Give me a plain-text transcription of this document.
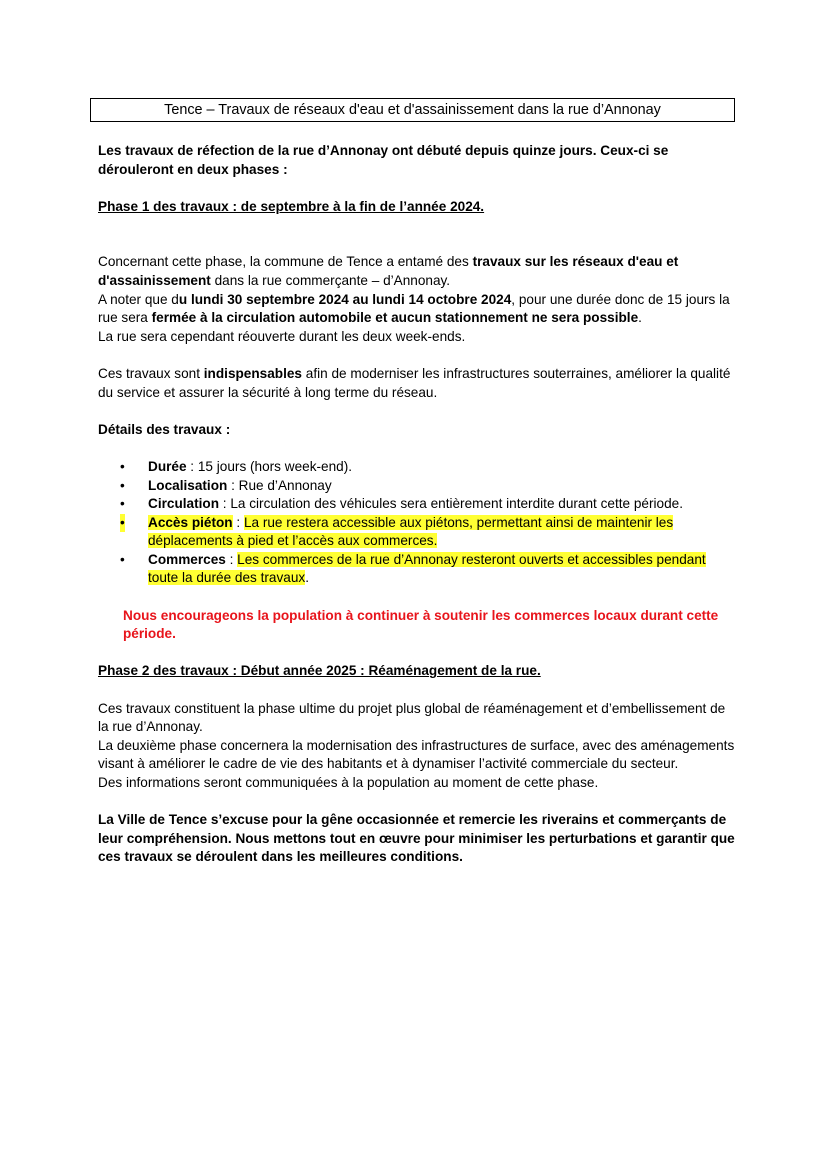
Tence – Travaux de réseaux d'eau et d'assainissement dans la rue d’Annonay

Les travaux de réfection de la rue d’Annonay ont débuté depuis quinze jours. Ceux-ci se dérouleront en deux phases :

Phase 1 des travaux : de septembre à la fin de l’année 2024.

Concernant cette phase, la commune de Tence a entamé des travaux sur les réseaux d'eau et d'assainissement dans la rue commerçante – d’Annonay.

A noter que du lundi 30 septembre 2024 au lundi 14 octobre 2024, pour une durée donc de 15 jours la rue sera fermée à la circulation automobile et aucun stationnement ne sera possible.

La rue sera cependant réouverte durant les deux week-ends.

Ces travaux sont indispensables afin de moderniser les infrastructures souterraines, améliorer la qualité du service et assurer la sécurité à long terme du réseau.

Détails des travaux :

• Durée : 15 jours (hors week-end).
• Localisation : Rue d’Annonay
• Circulation : La circulation des véhicules sera entièrement interdite durant cette période.
• Accès piéton : La rue restera accessible aux piétons, permettant ainsi de maintenir les déplacements à pied et l’accès aux commerces.
• Commerces : Les commerces de la rue d’Annonay resteront ouverts et accessibles pendant toute la durée des travaux.

Nous encourageons la population à continuer à soutenir les commerces locaux durant cette période.

Phase 2 des travaux : Début année 2025 : Réaménagement de la rue.

Ces travaux constituent la phase ultime du projet plus global de réaménagement et d’embellissement de la rue d’Annonay.

La deuxième phase concernera la modernisation des infrastructures de surface, avec des aménagements visant à améliorer le cadre de vie des habitants et à dynamiser l’activité commerciale du secteur.

Des informations seront communiquées à la population au moment de cette phase.

La Ville de Tence s’excuse pour la gêne occasionnée et remercie les riverains et commerçants de leur compréhension. Nous mettons tout en œuvre pour minimiser les perturbations et garantir que ces travaux se déroulent dans les meilleures conditions.
